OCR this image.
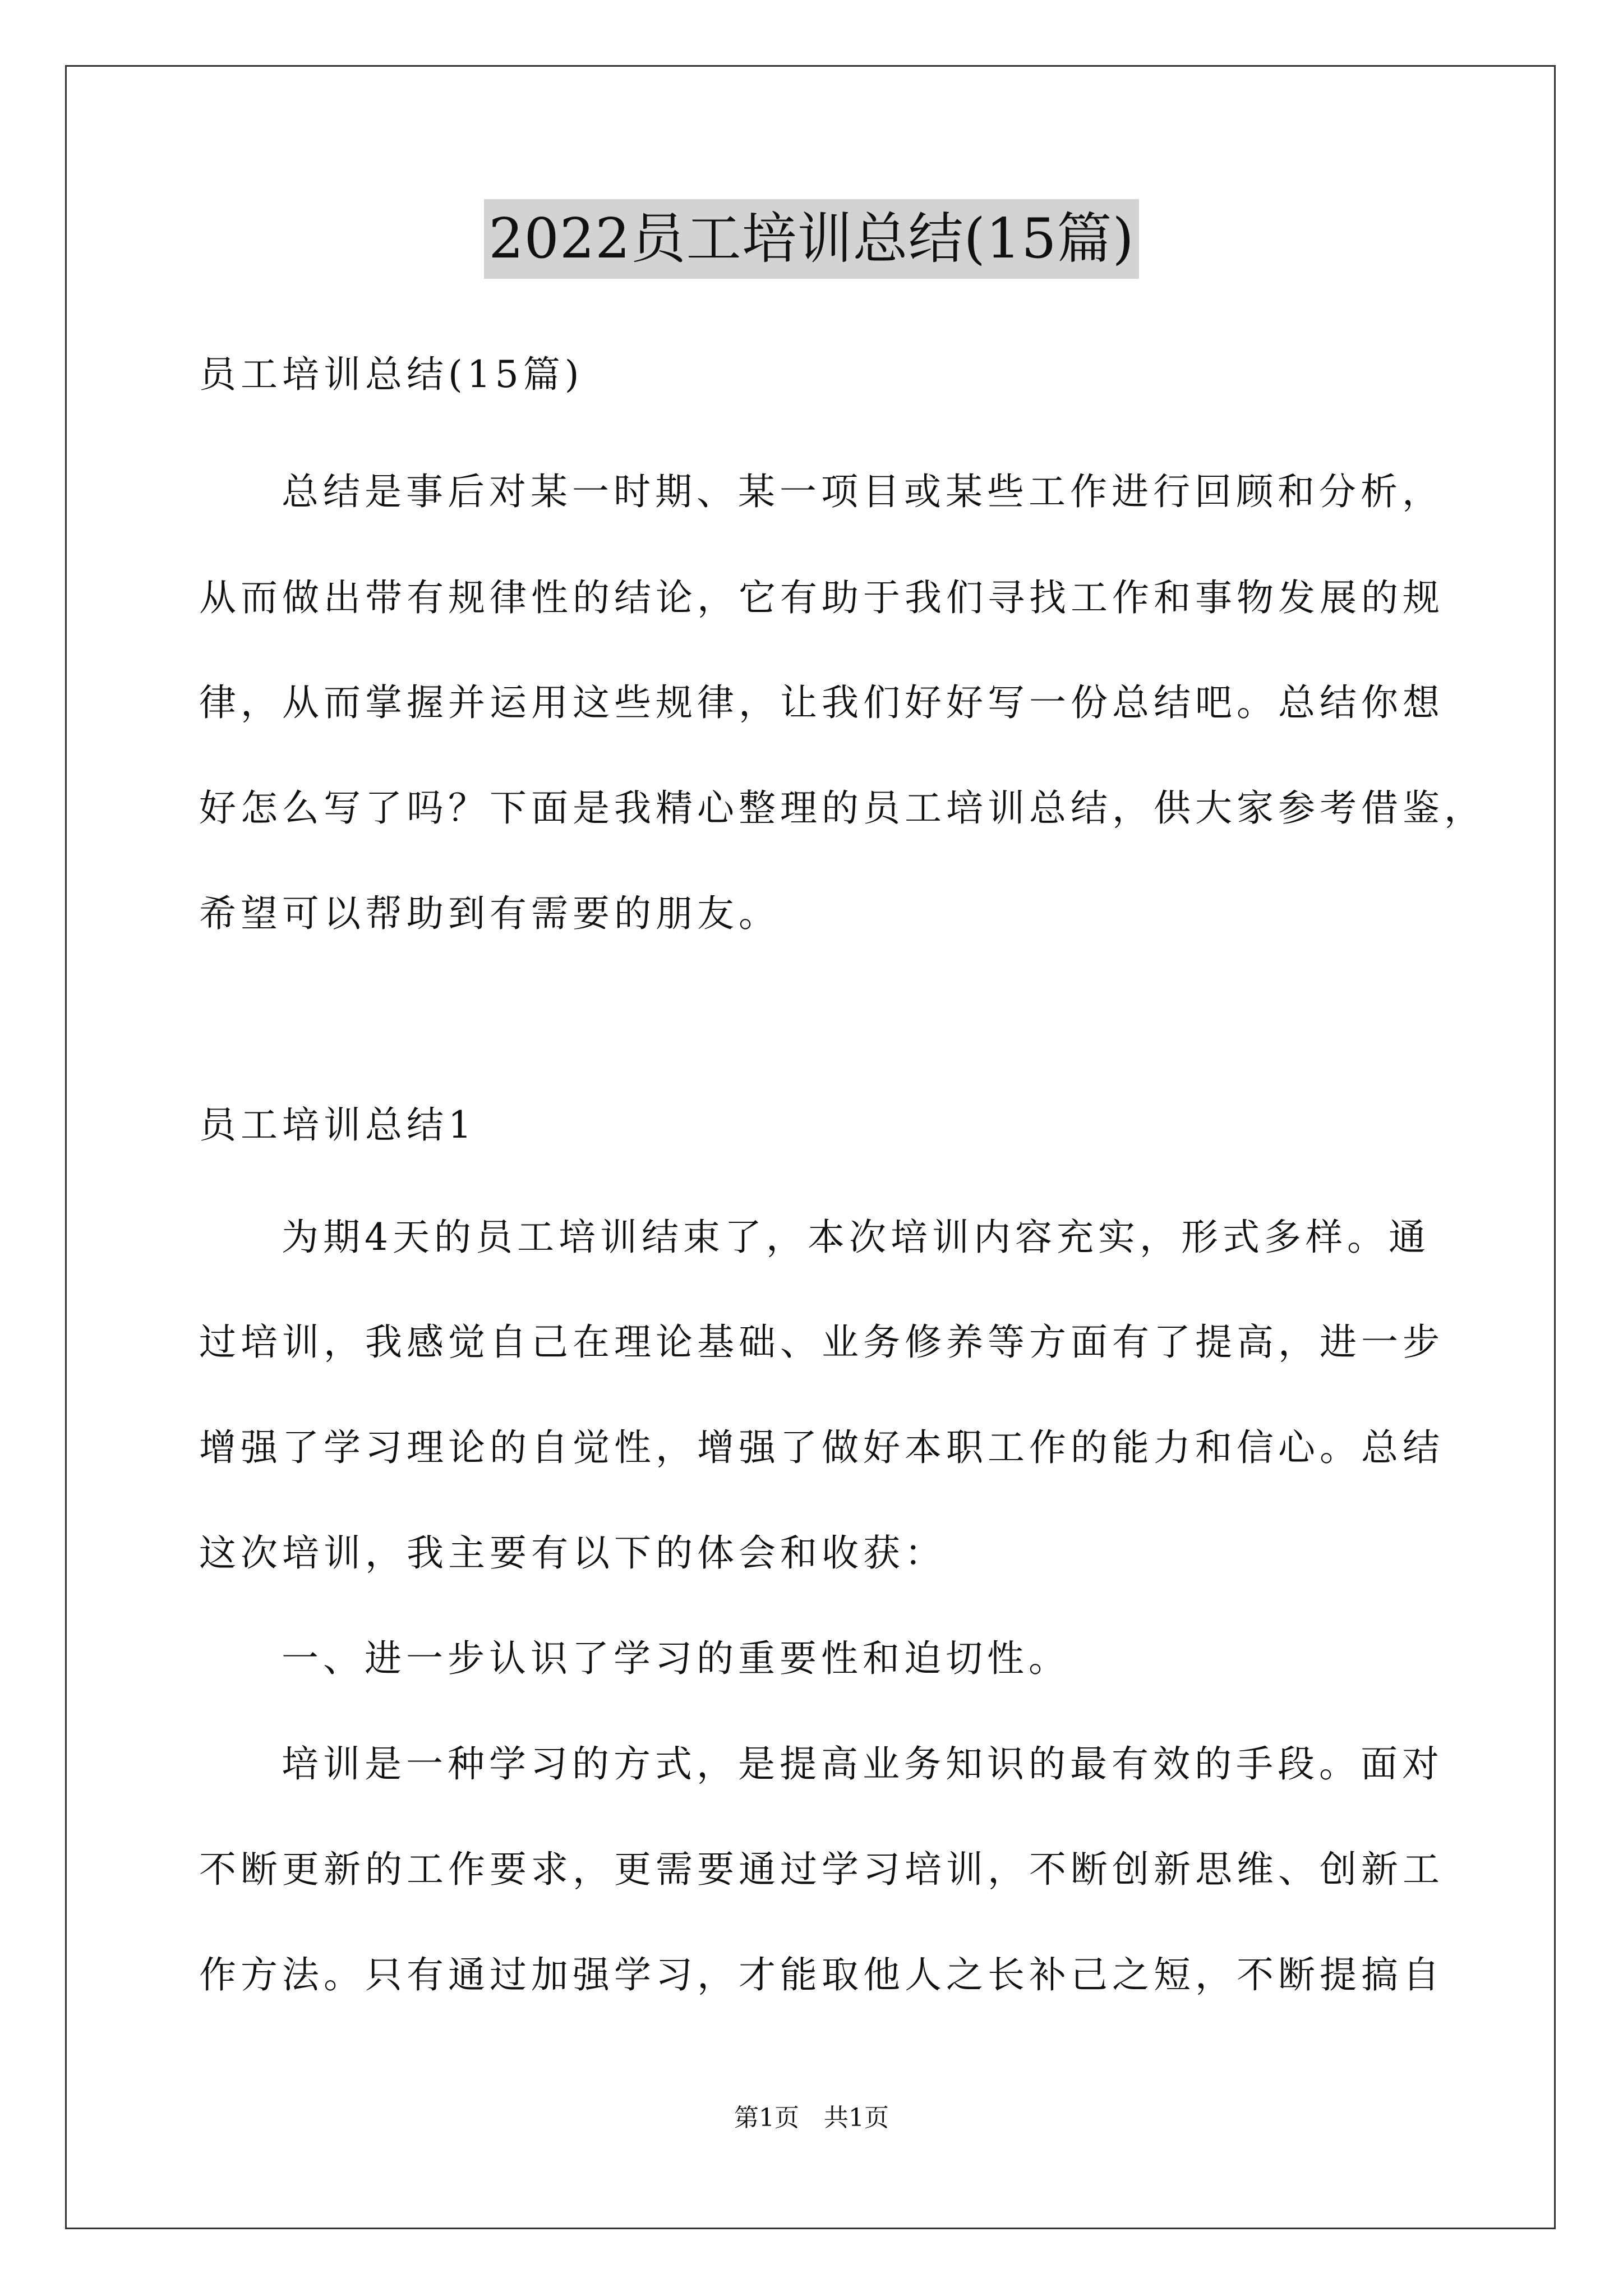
2022员工培训总结(15篇)
员工培训总结(15篇)
总结是事后对某一时期、某一项目或某些工作进行回顾和分析，
从而做出带有规律性的结论，它有助于我们寻找工作和事物发展的规
律，从而掌握并运用这些规律，让我们好好写一份总结吧。总结你想
好怎么写了吗？下面是我精心整理的员工培训总结，供大家参考借鉴，
希望可以帮助到有需要的朋友。
员工培训总结1
为期4天的员工培训结束了，本次培训内容充实，形式多样。通
过培训，我感觉自己在理论基础、业务修养等方面有了提高，进一步
增强了学习理论的自觉性，增强了做好本职工作的能力和信心。总结
这次培训，我主要有以下的体会和收获：
一、进一步认识了学习的重要性和迫切性。
培训是一种学习的方式，是提高业务知识的最有效的手段。面对
不断更新的工作要求，更需要通过学习培训，不断创新思维、创新工
作方法。只有通过加强学习，才能取他人之长补己之短，不断提搞自
第1页　共1页
